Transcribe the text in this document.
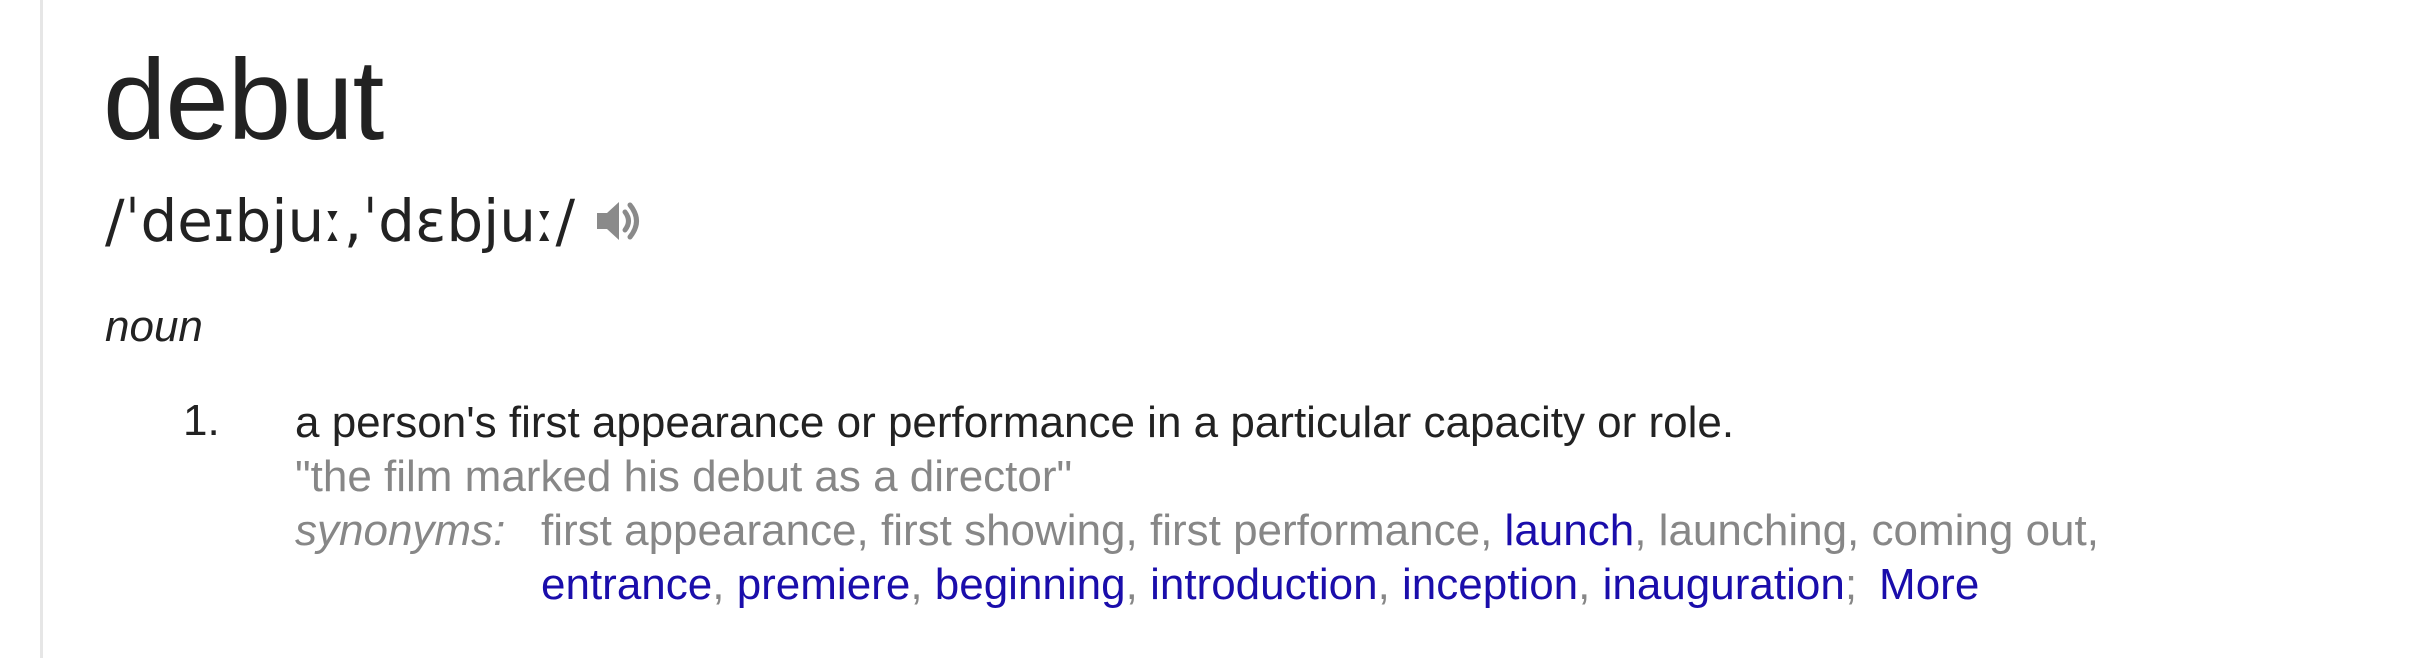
debut
/ˈdeɪbjuː,ˈdɛbjuː/
noun
1.	a person's first appearance or performance in a particular capacity or role.
"the film marked his debut as a director"
synonyms: first appearance, first showing, first performance, launch, launching, coming out,
entrance, premiere, beginning, introduction, inception, inauguration; More
